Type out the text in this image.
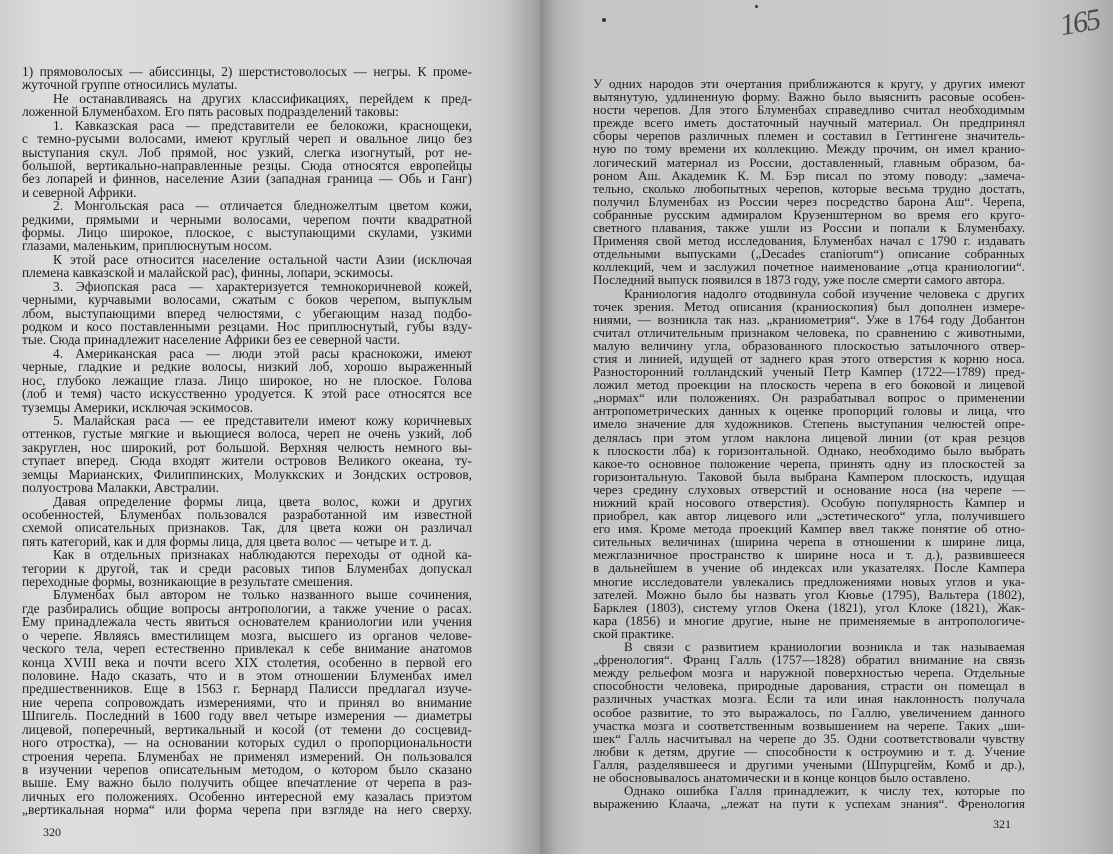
1) прямоволосых — абиссинцы, 2) шерстистоволосых — негры. К проме-
жуточной группе относились мулаты.
Не останавливаясь на других классификациях, перейдем к пред-
ложенной Блуменбахом. Его пять расовых подразделений таковы:
1. Кавказская раса — представители ее белокожи, краснощеки,
с темно-русыми волосами, имеют круглый череп и овальное лицо без
выступания скул. Лоб прямой, нос узкий, слегка изогнутый, рот не-
большой, вертикально-направленные резцы. Сюда относятся европейцы
без лопарей и финнов, население Азии (западная граница — Обь и Ганг)
и северной Африки.
2. Монгольская раса — отличается бледножелтым цветом кожи,
редкими, прямыми и черными волосами, черепом почти квадратной
формы. Лицо широкое, плоское, с выступающими скулами, узкими
глазами, маленьким, приплюснутым носом.
К этой расе относится население остальной части Азии (исключая
племена кавказской и малайской рас), финны, лопари, эскимосы.
3. Эфиопская раса — характеризуется темнокоричневой кожей,
черными, курчавыми волосами, сжатым с боков черепом, выпуклым
лбом, выступающими вперед челюстями, с убегающим назад подбо-
родком и косо поставленными резцами. Нос приплюснутый, губы взду-
тые. Сюда принадлежит население Африки без ее северной части.
4. Американская раса — люди этой расы краснокожи, имеют
черные, гладкие и редкие волосы, низкий лоб, хорошо выраженный
нос, глубоко лежащие глаза. Лицо широкое, но не плоское. Голова
(лоб и темя) часто искусственно уродуется. К этой расе относятся все
туземцы Америки, исключая эскимосов.
5. Малайская раса — ее представители имеют кожу коричневых
оттенков, густые мягкие и вьющиеся волоса, череп не очень узкий, лоб
закруглен, нос широкий, рот большой. Верхняя челюсть немного вы-
ступает вперед. Сюда входят жители островов Великого океана, ту-
земцы Марианских, Филиппинских, Молуккских и Зондских островов,
полуострова Малакки, Австралии.
Давая определение формы лица, цвета волос, кожи и других
особенностей, Блуменбах пользовался разработанной им известной
схемой описательных признаков. Так, для цвета кожи он различал
пять категорий, как и для формы лица, для цвета волос — четыре и т. д.
Как в отдельных признаках наблюдаются переходы от одной ка-
тегории к другой, так и среди расовых типов Блуменбах допускал
переходные формы, возникающие в результате смешения.
Блуменбах был автором не только названного выше сочинения,
где разбирались общие вопросы антропологии, а также учение о расах.
Ему принадлежала честь явиться основателем краниологии или учения
о черепе. Являясь вместилищем мозга, высшего из органов челове-
ческого тела, череп естественно привлекал к себе внимание анатомов
конца XVIII века и почти всего XIX столетия, особенно в первой его
половине. Надо сказать, что и в этом отношении Блуменбах имел
предшественников. Еще в 1563 г. Бернард Палисси предлагал изуче-
ние черепа сопровождать измерениями, что и принял во внимание
Шпигель. Последний в 1600 году ввел четыре измерения — диаметры
лицевой, поперечный, вертикальный и косой (от темени до сосцевид-
ного отростка), — на основании которых судил о пропорциональности
строения черепа. Блуменбах не применял измерений. Он пользовался
в изучении черепов описательным методом, о котором было сказано
выше. Ему важно было получить общее впечатление от черепа в раз-
личных его положениях. Особенно интересной ему казалась приэтом
„вертикальная норма“ или форма черепа при взгляде на него сверху.
320
165
У одних народов эти очертания приближаются к кругу, у других имеют
вытянутую, удлиненную форму. Важно было выяснить расовые особен-
ности черепов. Для этого Блуменбах справедливо считал необходимым
прежде всего иметь достаточный научный материал. Он предпринял
сборы черепов различных племен и составил в Геттингене значитель-
ную по тому времени их коллекцию. Между прочим, он имел кранио-
логический материал из России, доставленный, главным образом, ба-
роном Аш. Академик К. М. Бэр писал по этому поводу: „замеча-
тельно, сколько любопытных черепов, которые весьма трудно достать,
получил Блуменбах из России через посредство барона Аш“. Черепа,
собранные русским адмиралом Крузенштерном во время его круго-
светного плавания, также ушли из России и попали к Блуменбаху.
Применяя свой метод исследования, Блуменбах начал с 1790 г. издавать
отдельными выпусками („Decades craniorum“) описание собранных
коллекций, чем и заслужил почетное наименование „отца краниологии“.
Последний выпуск появился в 1873 году, уже после смерти самого автора.
Краниология надолго отодвинула собой изучение человека с других
точек зрения. Метод описания (краниоскопия) был дополнен измере-
ниями, — возникла так наз. „краниометрия“. Уже в 1764 году Добантон
считал отличительным признаком человека, по сравнению с животными,
малую величину угла, образованного плоскостью затылочного отвер-
стия и линией, идущей от заднего края этого отверстия к корню носа.
Разносторонний голландский ученый Петр Кампер (1722—1789) пред-
ложил метод проекции на плоскость черепа в его боковой и лицевой
„нормах“ или положениях. Он разрабатывал вопрос о применении
антропометрических данных к оценке пропорций головы и лица, что
имело значение для художников. Степень выступания челюстей опре-
делялась при этом углом наклона лицевой линии (от края резцов
к плоскости лба) к горизонтальной. Однако, необходимо было выбрать
какое-то основное положение черепа, принять одну из плоскостей за
горизонтальную. Таковой была выбрана Кампером плоскость, идущая
через средину слуховых отверстий и основание носа (на черепе —
нижний край носового отверстия). Особую популярность Кампер и
приобрел, как автор лицевого или „эстетического“ угла, получившего
его имя. Кроме метода проекций Кампер ввел также понятие об отно-
сительных величинах (ширина черепа в отношении к ширине лица,
межглазничное пространство к ширине носа и т. д.), развившееся
в дальнейшем в учение об индексах или указателях. После Кампера
многие исследователи увлекались предложениями новых углов и ука-
зателей. Можно было бы назвать угол Кювье (1795), Вальтера (1802),
Барклея (1803), систему углов Окена (1821), угол Клоке (1821), Жак-
кара (1856) и многие другие, ныне не применяемые в антропологиче-
ской практике.
В связи с развитием краниологии возникла и так называемая
„френология“. Франц Галль (1757—1828) обратил внимание на связь
между рельефом мозга и наружной поверхностью черепа. Отдельные
способности человека, природные дарования, страсти он помещал в
различных участках мозга. Если та или иная наклонность получала
особое развитие, то это выражалось, по Галлю, увеличением данного
участка мозга и соответственным возвышением на черепе. Таких „ши-
шек“ Галль насчитывал на черепе до 35. Одни соответствовали чувству
любви к детям, другие — способности к остроумию и т. д. Учение
Галля, разделявшееся и другими учеными (Шпурцгейм, Комб и др.),
не обосновывалось анатомически и в конце концов было оставлено.
Однако ошибка Галля принадлежит, к числу тех, которые по
выражению Клаача, „лежат на пути к успехам знания“. Френология
321
